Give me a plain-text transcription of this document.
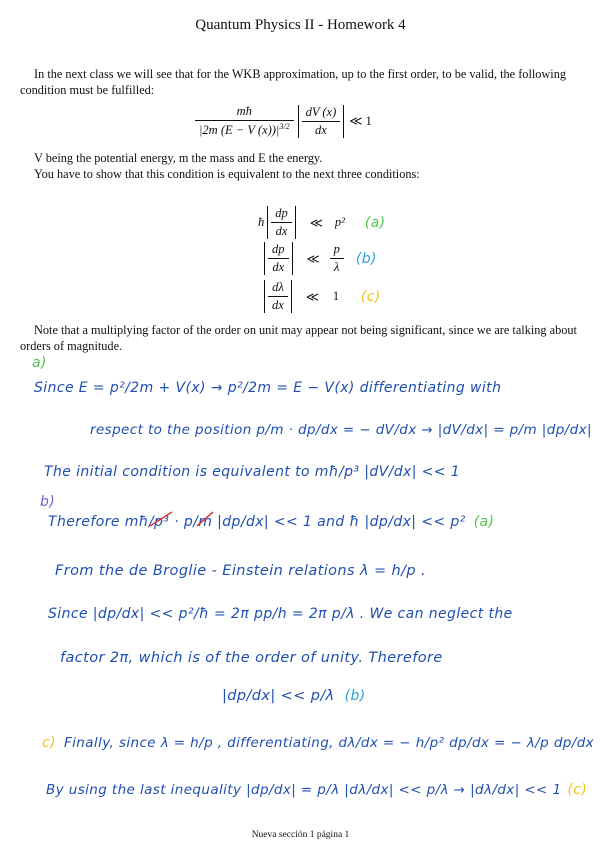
Quantum Physics II - Homework 4
In the next class we will see that for the WKB approximation, up to the first order, to be valid, the following condition must be fulfilled:
$\frac{mħ}{|2m (E - V (x))|^{3/2}} \frac{dV (x)}{dx}$ ≪ 1
V being the potential energy, m the mass and E the energy.
You have to show that this condition is equivalent to the next three conditions:
ħ $\frac{dp}{dx}$ ≪ p²	(a)
$\frac{dp}{dx}$ ≪ $\frac{p}{\lambda} (b)$
$\frac{d\lambda}{dx}$ ≪ 1	(c)
Note that a multiplying factor of the order on unit may appear not being significant, since we are talking about orders of magnitude.
a)
Since E = p²/2m + V(x) → p²/2m = E − V(x) differentiating with
respect to the position p/m · dp/dx = − dV/dx → |dV/dx| = p/m |dp/dx|
The initial condition is equivalent to mħ/p³ |dV/dx| << 1
b)
Therefore mħ/p³ · p/m |dp/dx| << 1 and ħ |dp/dx| << p² (a)
From the de Broglie - Einstein relations λ = h/p .
Since |dp/dx| << p²/ħ = 2π pp/h = 2π p/λ . We can neglect the
factor 2π, which is of the order of unity. Therefore
|dp/dx| << p/λ (b)
c) Finally, since λ = h/p , differentiating, dλ/dx = − h/p² dp/dx = − λ/p dp/dx
By using the last inequality |dp/dx| = p/λ |dλ/dx| << p/λ → |dλ/dx| << 1 (c)
Nueva sección 1 página 1
